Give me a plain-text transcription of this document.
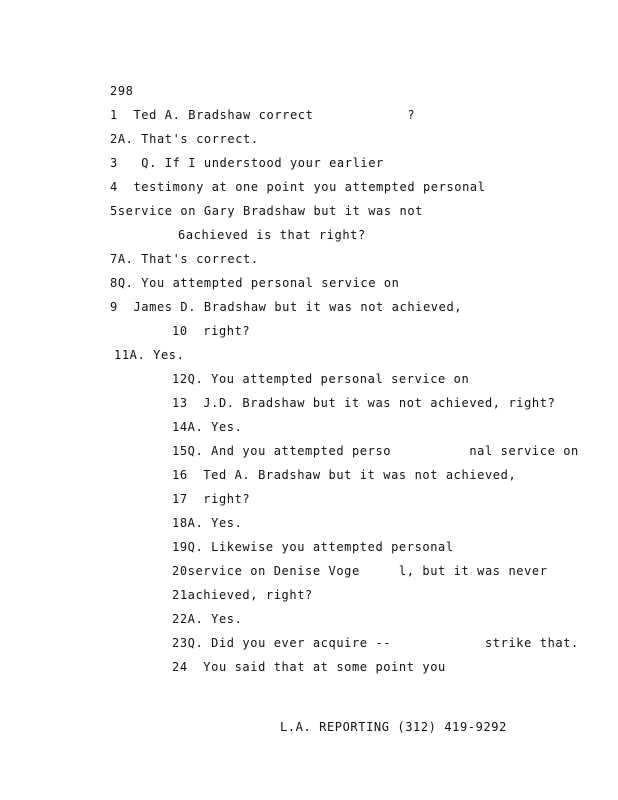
298
1  Ted A. Bradshaw correct            ?
2A. That's correct.
3   Q. If I understood your earlier
4  testimony at one point you attempted personal
5service on Gary Bradshaw but it was not
6achieved is that right?
7A. That's correct.
8Q. You attempted personal service on
9  James D. Bradshaw but it was not achieved,
10  right?
11A. Yes.
12Q. You attempted personal service on
13  J.D. Bradshaw but it was not achieved, right?
14A. Yes.
15Q. And you attempted perso          nal service on
16  Ted A. Bradshaw but it was not achieved,
17  right?
18A. Yes.
19Q. Likewise you attempted personal
20service on Denise Voge     l, but it was never
21achieved, right?
22A. Yes.
23Q. Did you ever acquire --            strike that.
24  You said that at some point you
L.A. REPORTING (312) 419-9292
